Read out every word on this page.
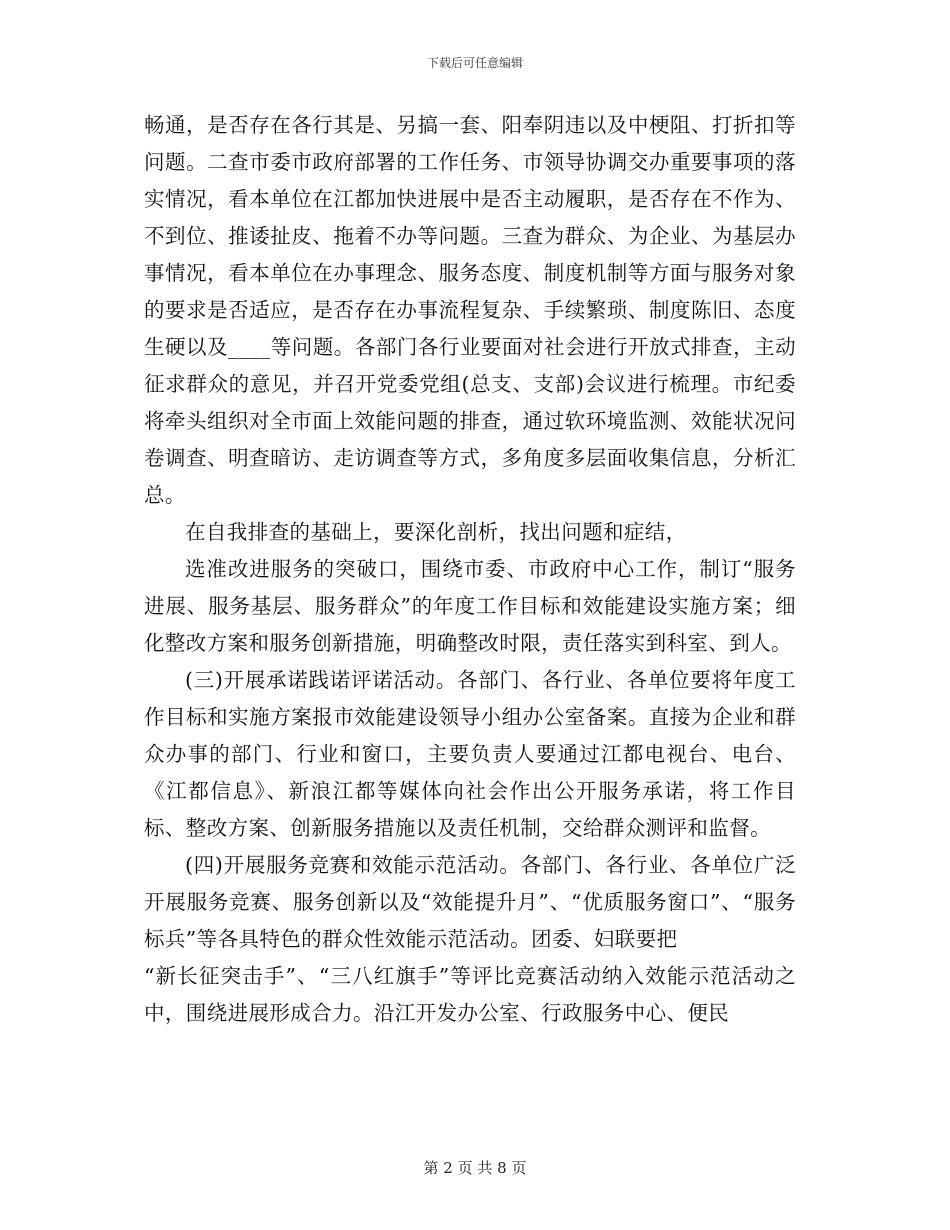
下载后可任意编辑

畅通，是否存在各行其是、另搞一套、阳奉阴违以及中梗阻、打折扣等问题。二查市委市政府部署的工作任务、市领导协调交办重要事项的落实情况，看本单位在江都加快进展中是否主动履职，是否存在不作为、不到位、推诿扯皮、拖着不办等问题。三查为群众、为企业、为基层办事情况，看本单位在办事理念、服务态度、制度机制等方面与服务对象的要求是否适应，是否存在办事流程复杂、手续繁琐、制度陈旧、态度生硬以及____等问题。各部门各行业要面对社会进行开放式排查，主动征求群众的意见，并召开党委党组(总支、支部)会议进行梳理。市纪委将牵头组织对全市面上效能问题的排查，通过软环境监测、效能状况问卷调查、明查暗访、走访调查等方式，多角度多层面收集信息，分析汇总。

在自我排查的基础上，要深化剖析，找出问题和症结，

选准改进服务的突破口，围绕市委、市政府中心工作，制订“服务进展、服务基层、服务群众”的年度工作目标和效能建设实施方案；细化整改方案和服务创新措施，明确整改时限，责任落实到科室、到人。

(三)开展承诺践诺评诺活动。各部门、各行业、各单位要将年度工作目标和实施方案报市效能建设领导小组办公室备案。直接为企业和群众办事的部门、行业和窗口，主要负责人要通过江都电视台、电台、《江都信息》、新浪江都等媒体向社会作出公开服务承诺，将工作目标、整改方案、创新服务措施以及责任机制，交给群众测评和监督。

(四)开展服务竞赛和效能示范活动。各部门、各行业、各单位广泛开展服务竞赛、服务创新以及“效能提升月”、“优质服务窗口”、“服务标兵”等各具特色的群众性效能示范活动。团委、妇联要把

“新长征突击手”、“三八红旗手”等评比竞赛活动纳入效能示范活动之中，围绕进展形成合力。沿江开发办公室、行政服务中心、便民

第 2 页 共 8 页
